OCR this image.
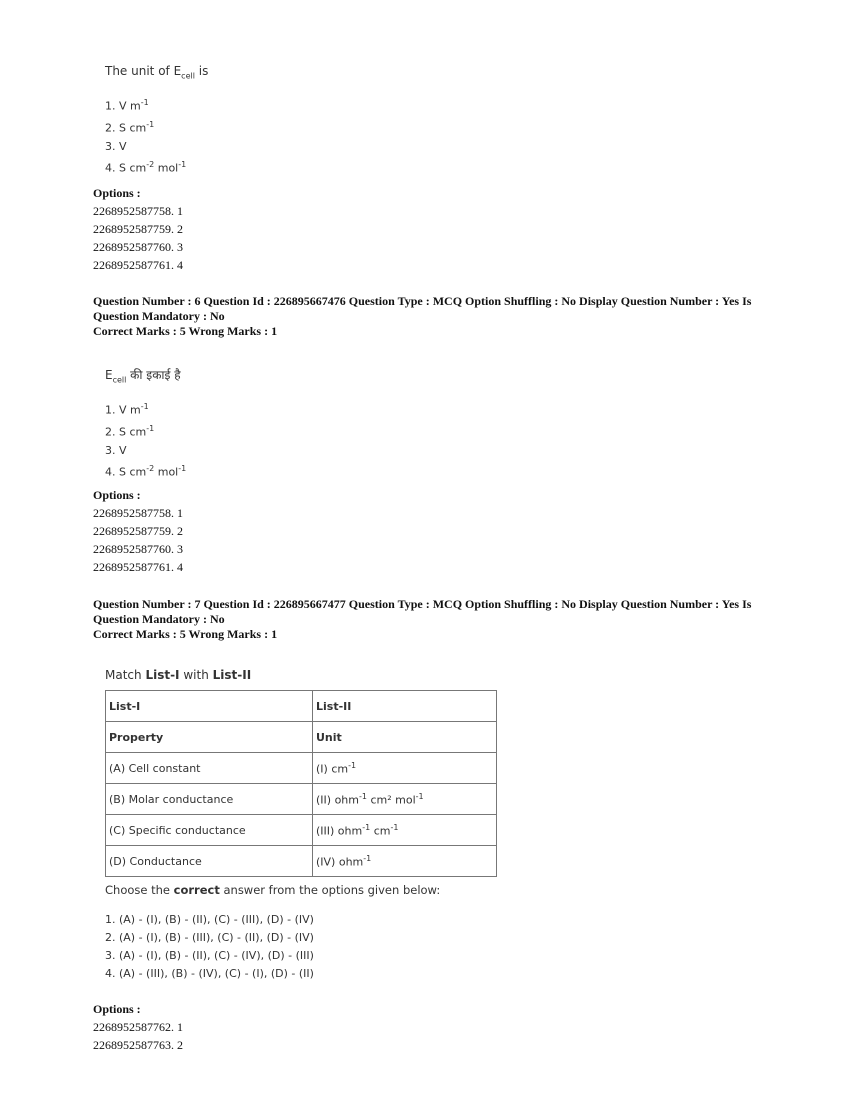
The unit of $E_{cell}$ is
1. V $m^{-1}$
2. S $cm^{-1}$
3. V
4. S $cm^{-2}$ mol$^{-1}$
Options :
2268952587758. 1
2268952587759. 2
2268952587760. 3
2268952587761. 4
Question Number : 6 Question Id : 226895667476 Question Type : MCQ Option Shuffling : No Display Question Number : Yes Is Question Mandatory : No
Correct Marks : 5 Wrong Marks : 1
$E_{cell}$ की इकाई है
1. V $m^{-1}$
2. S $cm^{-1}$
3. V
4. S $cm^{-2}$ mol$^{-1}$
Options :
2268952587758. 1
2268952587759. 2
2268952587760. 3
2268952587761. 4
Question Number : 7 Question Id : 226895667477 Question Type : MCQ Option Shuffling : No Display Question Number : Yes Is Question Mandatory : No
Correct Marks : 5 Wrong Marks : 1
Match List-I with List-II
List-I	List-II
Property	Unit
(A) Cell constant	(I) $cm^{-1}$
(B) Molar conductance	(II) ohm$^{-1}$ cm² mol$^{-1}$
(C) Specific conductance	(III) ohm$^{-1}$ $cm^{-1}$
(D) Conductance	(IV) ohm$^{-1}$
Choose the correct answer from the options given below:
1. (A) - (I), (B) - (II), (C) - (III), (D) - (IV)
2. (A) - (I), (B) - (III), (C) - (II), (D) - (IV)
3. (A) - (I), (B) - (II), (C) - (IV), (D) - (III)
4. (A) - (III), (B) - (IV), (C) - (I), (D) - (II)
Options :
2268952587762. 1
2268952587763. 2
